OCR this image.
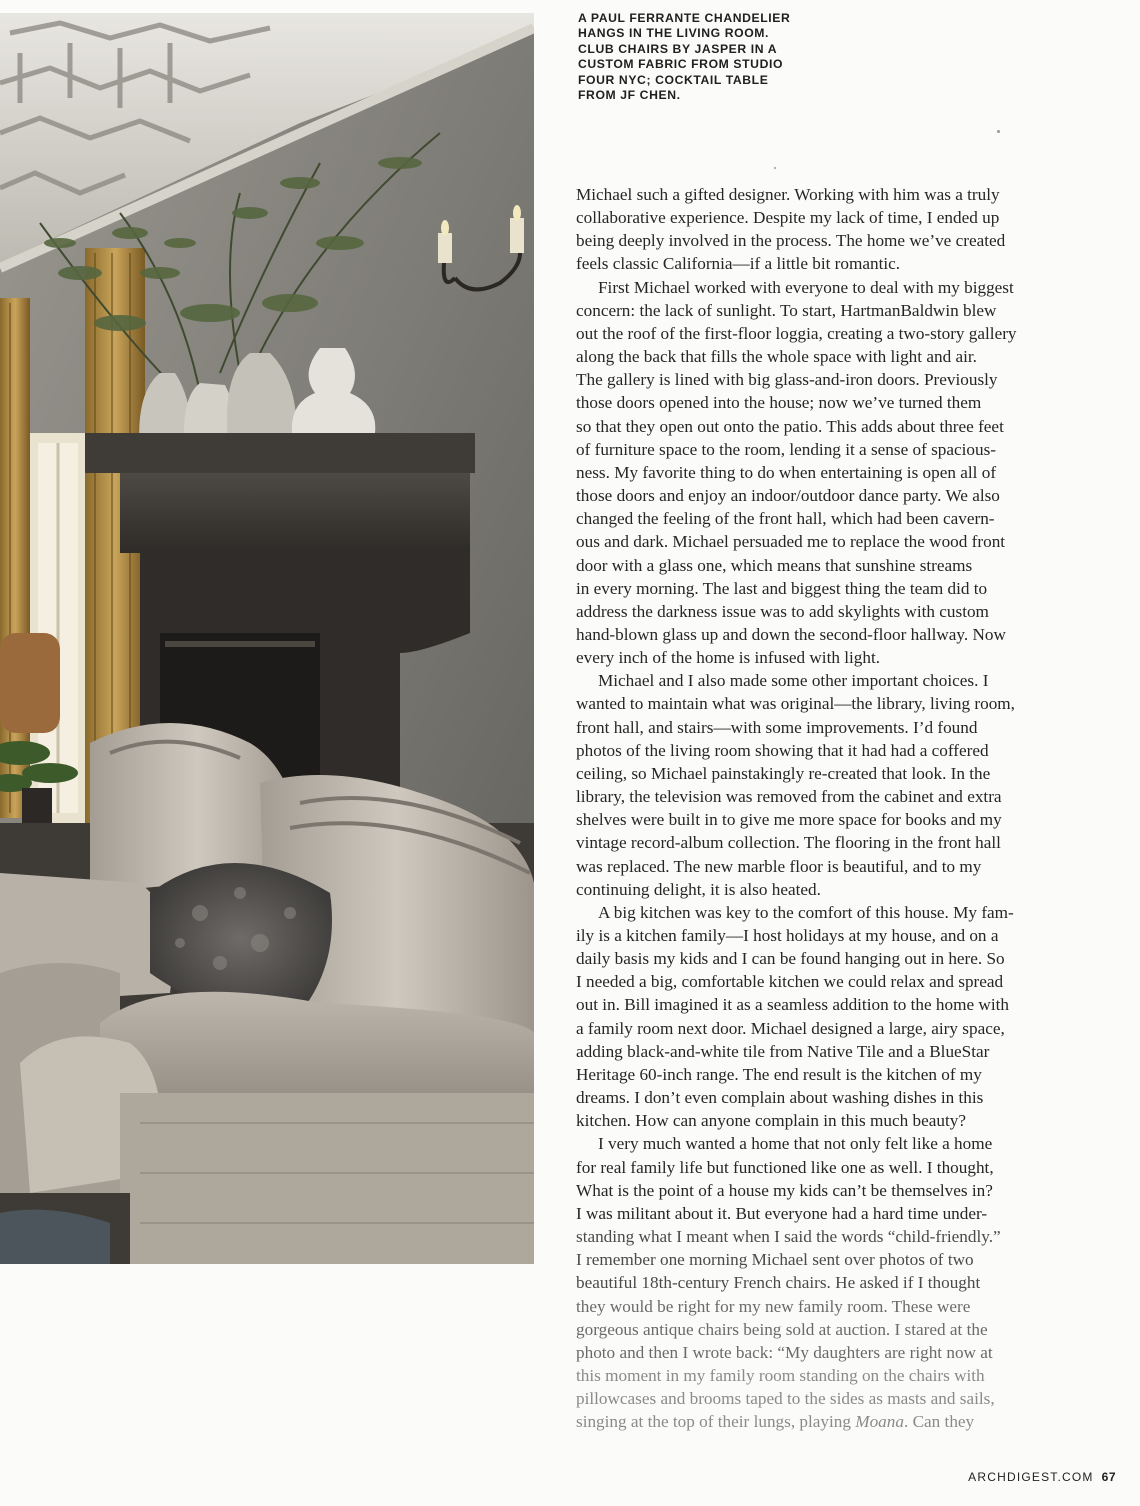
A PAUL FERRANTE CHANDELIER
HANGS IN THE LIVING ROOM.
CLUB CHAIRS BY JASPER IN A
CUSTOM FABRIC FROM STUDIO
FOUR NYC; COCKTAIL TABLE
FROM JF CHEN.
Michael such a gifted designer. Working with him was a truly
collaborative experience. Despite my lack of time, I ended up
being deeply involved in the process. The home we’ve created
feels classic California—if a little bit romantic.
First Michael worked with everyone to deal with my biggest
concern: the lack of sunlight. To start, HartmanBaldwin blew
out the roof of the first-floor loggia, creating a two-story gallery
along the back that fills the whole space with light and air.
The gallery is lined with big glass-and-iron doors. Previously
those doors opened into the house; now we’ve turned them
so that they open out onto the patio. This adds about three feet
of furniture space to the room, lending it a sense of spacious-
ness. My favorite thing to do when entertaining is open all of
those doors and enjoy an indoor/outdoor dance party. We also
changed the feeling of the front hall, which had been cavern-
ous and dark. Michael persuaded me to replace the wood front
door with a glass one, which means that sunshine streams
in every morning. The last and biggest thing the team did to
address the darkness issue was to add skylights with custom
hand-blown glass up and down the second-floor hallway. Now
every inch of the home is infused with light.
Michael and I also made some other important choices. I
wanted to maintain what was original—the library, living room,
front hall, and stairs—with some improvements. I’d found
photos of the living room showing that it had had a coffered
ceiling, so Michael painstakingly re-created that look. In the
library, the television was removed from the cabinet and extra
shelves were built in to give me more space for books and my
vintage record-album collection. The flooring in the front hall
was replaced. The new marble floor is beautiful, and to my
continuing delight, it is also heated.
A big kitchen was key to the comfort of this house. My fam-
ily is a kitchen family—I host holidays at my house, and on a
daily basis my kids and I can be found hanging out in here. So
I needed a big, comfortable kitchen we could relax and spread
out in. Bill imagined it as a seamless addition to the home with
a family room next door. Michael designed a large, airy space,
adding black-and-white tile from Native Tile and a BlueStar
Heritage 60-inch range. The end result is the kitchen of my
dreams. I don’t even complain about washing dishes in this
kitchen. How can anyone complain in this much beauty?
I very much wanted a home that not only felt like a home
for real family life but functioned like one as well. I thought,
What is the point of a house my kids can’t be themselves in?
I was militant about it. But everyone had a hard time under-
standing what I meant when I said the words “child-friendly.”
I remember one morning Michael sent over photos of two
beautiful 18th-century French chairs. He asked if I thought
they would be right for my new family room. These were
gorgeous antique chairs being sold at auction. I stared at the
photo and then I wrote back: “My daughters are right now at
this moment in my family room standing on the chairs with
pillowcases and brooms taped to the sides as masts and sails,
singing at the top of their lungs, playing Moana. Can they
ARCHDIGEST.COM 67
